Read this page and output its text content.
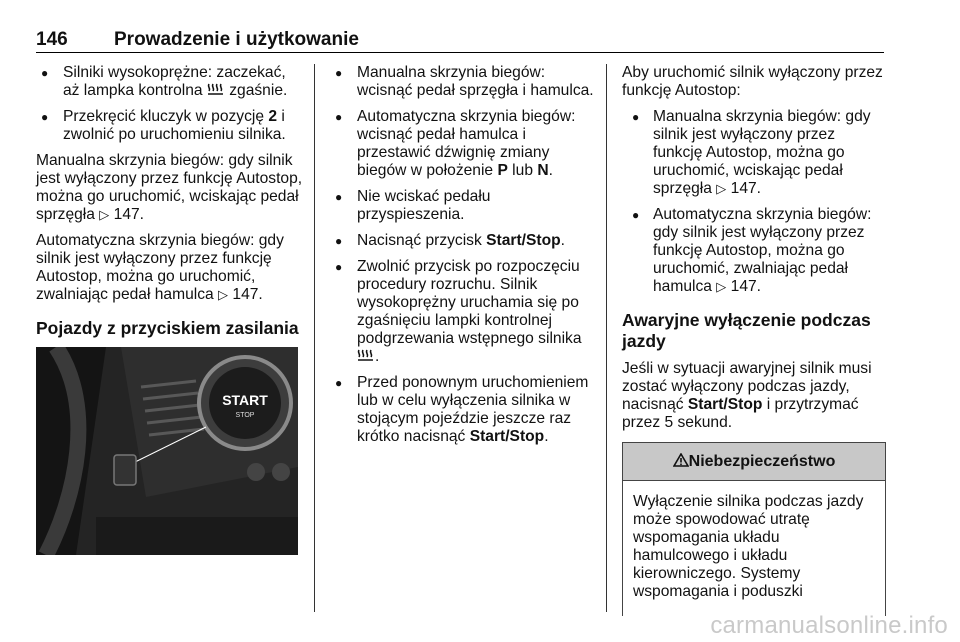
146 Prowadzenie i użytkowanie
● Silniki wysokoprężne: zaczekać, aż lampka kontrolna  zgaśnie.
● Przekręcić kluczyk w pozycję 2 i zwolnić po uruchomieniu silnika.

Manualna skrzynia biegów: gdy silnik jest wyłączony przez funkcję Autostop, można go uruchomić, wciskając pedał sprzęgła ▷ 147.

Automatyczna skrzynia biegów: gdy silnik jest wyłączony przez funkcję Autostop, można go uruchomić, zwalniając pedał hamulca ▷ 147.

Pojazdy z przyciskiem zasilania
START
STOP
● Manualna skrzynia biegów: wcisnąć pedał sprzęgła i hamulca.
● Automatyczna skrzynia biegów: wcisnąć pedał hamulca i przestawić dźwignię zmiany biegów w położenie P lub N.
● Nie wciskać pedału przyspieszenia.
● Nacisnąć przycisk Start/Stop.
● Zwolnić przycisk po rozpoczęciu procedury rozruchu. Silnik wysokoprężny uruchamia się po zgaśnięciu lampki kontrolnej podgrzewania wstępnego silnika .
● Przed ponownym uruchomieniem lub w celu wyłączenia silnika w stojącym pojeździe jeszcze raz krótko nacisnąć Start/Stop.

Aby uruchomić silnik wyłączony przez funkcję Autostop:

● Manualna skrzynia biegów: gdy silnik jest wyłączony przez funkcję Autostop, można go uruchomić, wciskając pedał sprzęgła ▷ 147.
● Automatyczna skrzynia biegów: gdy silnik jest wyłączony przez funkcję Autostop, można go uruchomić, zwalniając pedał hamulca ▷ 147.
Awaryjne wyłączenie podczas jazdy

Jeśli w sytuacji awaryjnej silnik musi zostać wyłączony podczas jazdy, nacisnąć Start/Stop i przytrzymać przez 5 sekund.

Niebezpieczeństwo
Wyłączenie silnika podczas jazdy może spowodować utratę wspomagania układu hamulcowego i układu kierowniczego. Systemy wspomagania i poduszki
carmanualsonline.info
